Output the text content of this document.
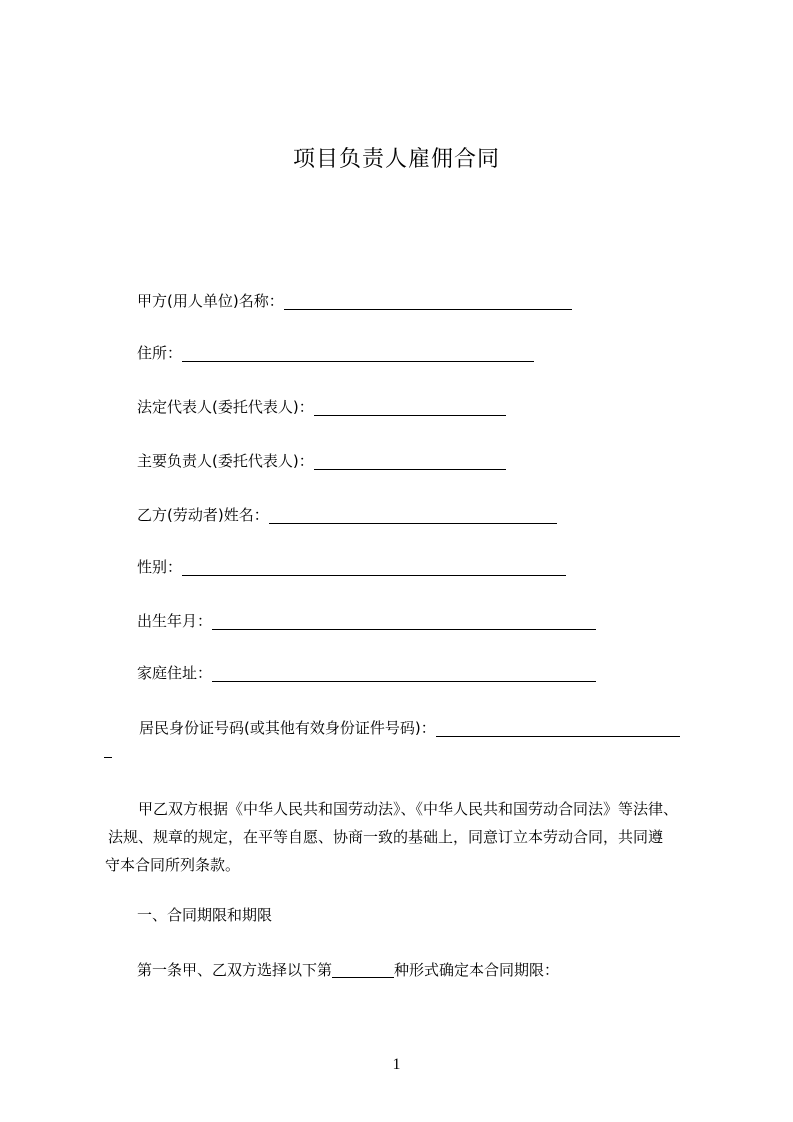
项目负责人雇佣合同
甲方(用人单位)名称：
住所：
法定代表人(委托代表人)：
主要负责人(委托代表人)：
乙方(劳动者)姓名：
性别：
出生年月：
家庭住址：
居民身份证号码(或其他有效身份证件号码)：
甲乙双方根据《中华人民共和国劳动法》、《中华人民共和国劳动合同法》等法律、
法规、规章的规定，在平等自愿、协商一致的基础上，同意订立本劳动合同，共同遵
守本合同所列条款。
一、合同期限和期限
第一条甲、乙双方选择以下第	种形式确定本合同期限：
1
